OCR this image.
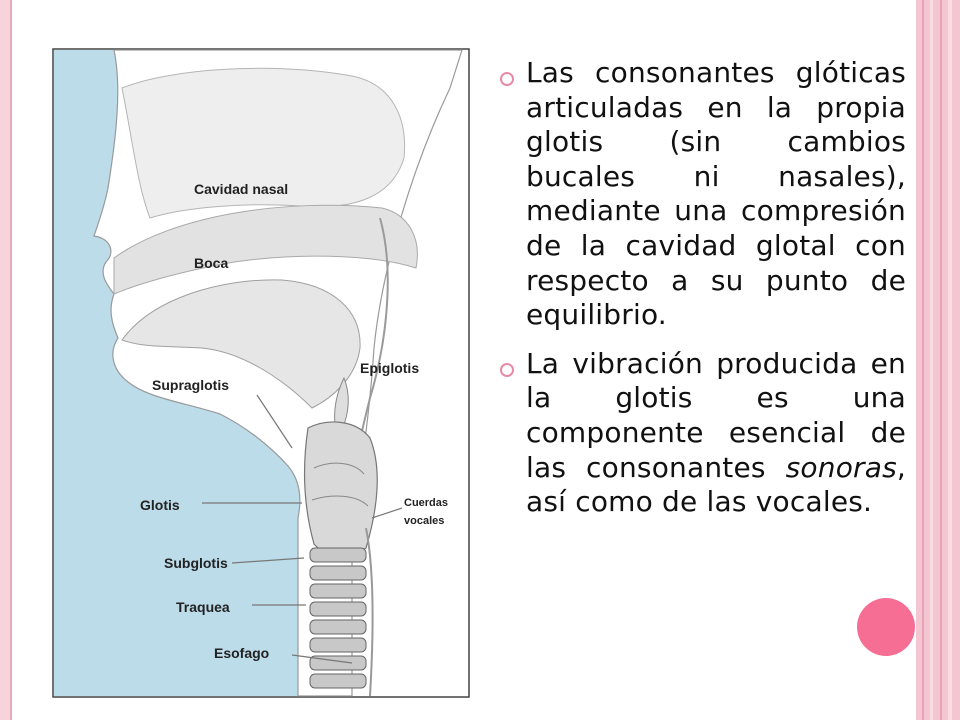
Cavidad nasal
Boca
Epiglotis
Supraglotis
Cuerdas
vocales
Glotis
Subglotis
Traquea
Esofago
Las consonantes glóticas articuladas en la propia glotis (sin cambios bucales ni nasales), mediante una compresión de la cavidad glotal con respecto a su punto de equilibrio.
La vibración producida en la glotis es una componente esencial de las consonantes sonoras, así como de las vocales.
